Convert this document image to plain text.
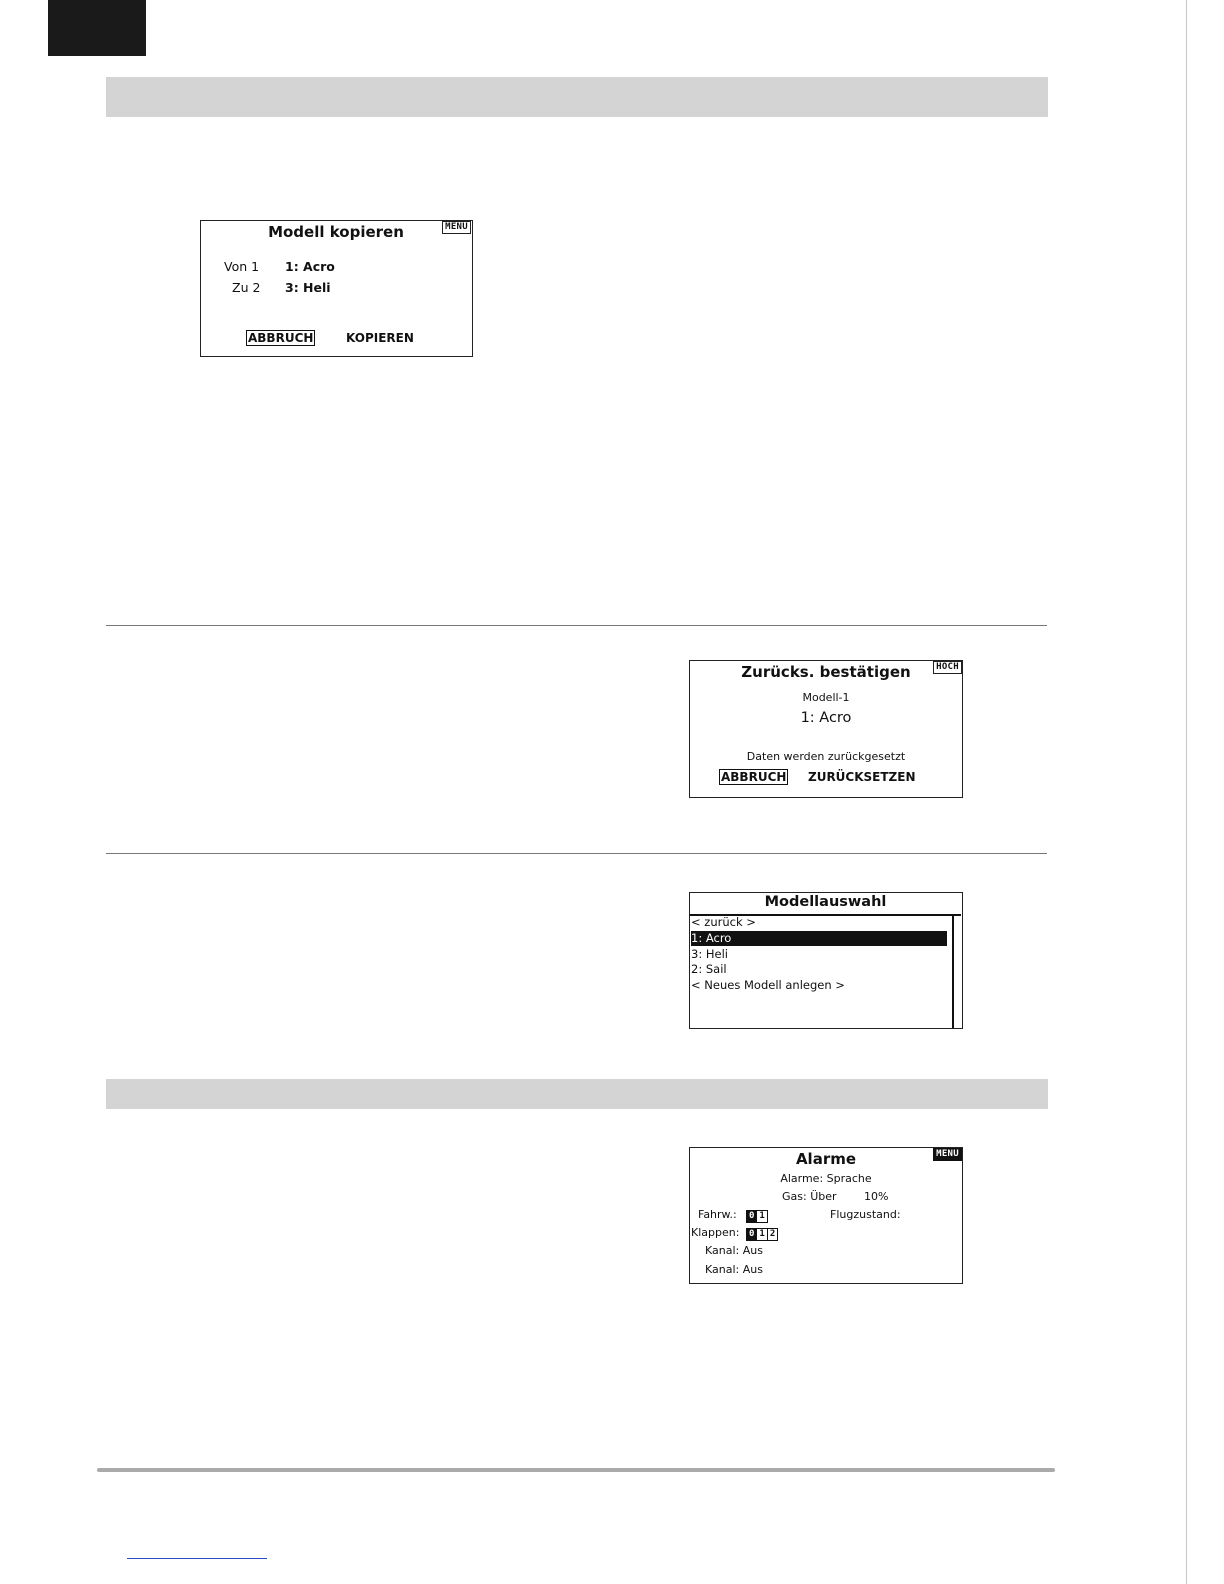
Modell kopieren	MENU
Von 1 1: Acro
Zu 2 3: Heli
ABBRUCH	KOPIEREN
Zurücks. bestätigen	HOCH
Modell-1
1: Acro
Daten werden zurückgesetzt
ABBRUCH ZURÜCKSETZEN
Modellauswahl
< zurück >
1: Acro
3: Heli
2: Sail
< Neues Modell anlegen >
Alarme	MENU
Alarme: Sprache
Gas: Über 10%
Fahrw.: 0 1	Flugzustand:
Klappen: 0 1 2
Kanal: Aus
Kanal: Aus
